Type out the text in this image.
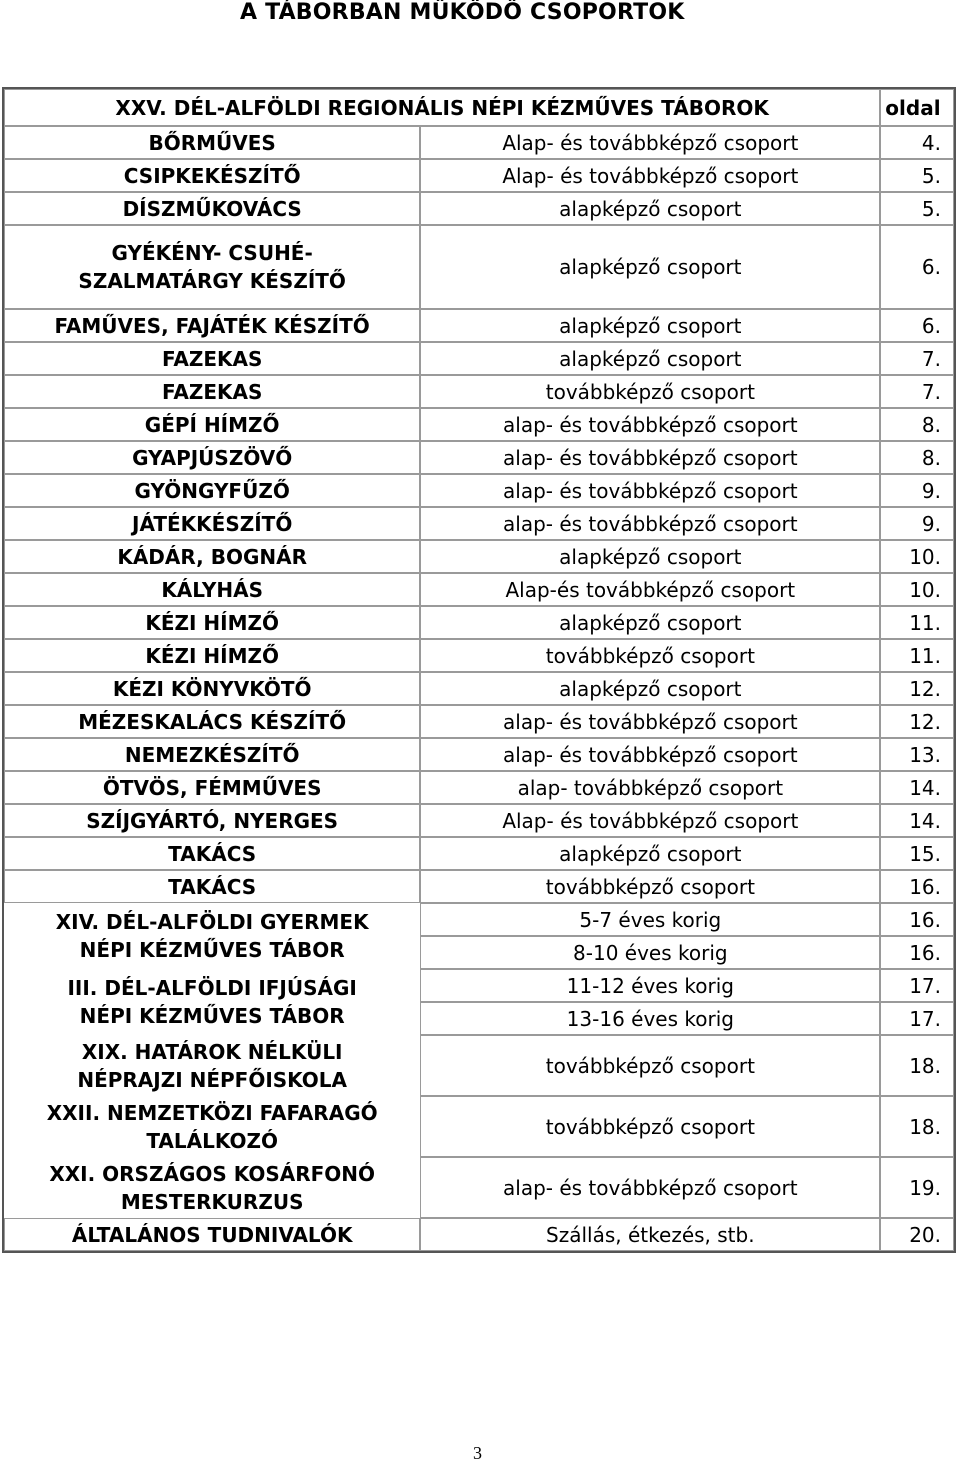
A TÁBORBAN MŰKÖDŐ CSOPORTOK
XXV. DÉL-ALFÖLDI REGIONÁLIS NÉPI KÉZMŰVES TÁBOROK		oldal
BŐRMŰVES	Alap- és továbbképző csoport	4.
CSIPKEKÉSZÍTŐ	Alap- és továbbképző csoport	5.
DÍSZMŰKOVÁCS	alapképző csoport	5.

GYÉKÉNY- CSUHÉ-
SZALMATÁRGY KÉSZÍTŐ	alapképző csoport	6.
FAMŰVES, FAJÁTÉK KÉSZÍTŐ	alapképző csoport	6.
FAZEKAS	alapképző csoport	7.
FAZEKAS	továbbképző csoport	7.
GÉPÍ HÍMZŐ	alap- és továbbképző csoport	8.
GYAPJÚSZÖVŐ	alap- és továbbképző csoport	8.
GYÖNGYFŰZŐ	alap- és továbbképző csoport	9.
JÁTÉKKÉSZÍTŐ	alap- és továbbképző csoport	9.
KÁDÁR, BOGNÁR	alapképző csoport	10.
KÁLYHÁS	Alap-és továbbképző csoport	10.
KÉZI HÍMZŐ	alapképző csoport	11.
KÉZI HÍMZŐ	továbbképző csoport	11.
KÉZI KÖNYVKÖTŐ	alapképző csoport	12.
MÉZESKALÁCS KÉSZÍTŐ	alap- és továbbképző csoport	12.
NEMEZKÉSZÍTŐ	alap- és továbbképző csoport	13.
ÖTVÖS, FÉMMŰVES	alap- továbbképző csoport	14.
SZÍJGYÁRTÓ, NYERGES	Alap- és továbbképző csoport	14.
TAKÁCS	alapképző csoport	15.
TAKÁCS	továbbképző csoport	16.

XIV. DÉL-ALFÖLDI GYERMEK
NÉPI KÉZMŰVES TÁBOR	5-7 éves korig	16.
	8-10 éves korig	16.

III. DÉL-ALFÖLDI IFJÚSÁGI
NÉPI KÉZMŰVES TÁBOR	11-12 éves korig	17.
	13-16 éves korig	17.

XIX. HATÁROK NÉLKÜLI
NÉPRAJZI NÉPFŐISKOLA	továbbképző csoport	18.

XXII. NEMZETKÖZI FAFARAGÓ
TALÁLKOZÓ	továbbképző csoport	18.

XXI. ORSZÁGOS KOSÁRFONÓ
MESTERKURZUS	alap- és továbbképző csoport	19.
ÁLTALÁNOS TUDNIVALÓK	Szállás, étkezés, stb.	20.
3
